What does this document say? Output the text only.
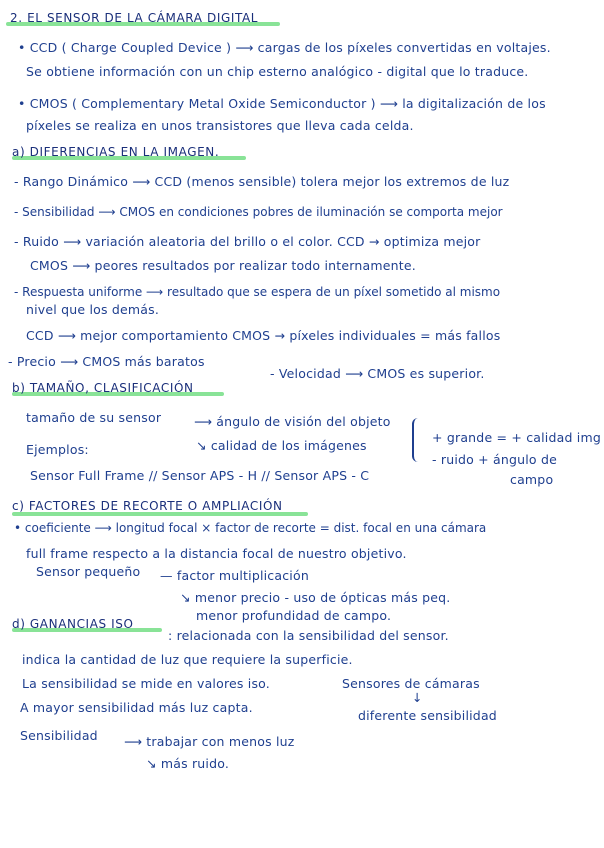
2. EL SENSOR DE LA CÁMARA DIGITAL
• CCD ( Charge Coupled Device ) ⟶ cargas de los píxeles convertidas en voltajes.
Se obtiene información con un chip esterno analógico - digital que lo traduce.
• CMOS ( Complementary Metal Oxide Semiconductor ) ⟶ la digitalización de los
píxeles se realiza en unos transistores que lleva cada celda.
a) DIFERENCIAS EN LA IMAGEN.
- Rango Dinámico ⟶ CCD (menos sensible) tolera mejor los extremos de luz
- Sensibilidad ⟶ CMOS en condiciones pobres de iluminación se comporta mejor
- Ruido ⟶ variación aleatoria del brillo o el color. CCD → optimiza mejor
CMOS ⟶ peores resultados por realizar todo internamente.
- Respuesta uniforme ⟶ resultado que se espera de un píxel sometido al mismo
nivel que los demás.
CCD ⟶ mejor comportamiento CMOS → píxeles individuales = más fallos
- Precio ⟶ CMOS más baratos
- Velocidad ⟶ CMOS es superior.
b) TAMAÑO, CLASIFICACIÓN
tamaño de su sensor	⟶ ángulo de visión del objeto
↘ calidad de los imágenes
+ grande = + calidad img
- ruido + ángulo de
campo
Ejemplos:
Sensor Full Frame // Sensor APS - H // Sensor APS - C
c) FACTORES DE RECORTE O AMPLIACIÓN
• coeficiente ⟶ longitud focal × factor de recorte = dist. focal en una cámara
full frame respecto a la distancia focal de nuestro objetivo.
Sensor pequeño — factor multiplicación
↘ menor precio - uso de ópticas más peq.
menor profundidad de campo.
d) GANANCIAS ISO
: relacionada con la sensibilidad del sensor.
indica la cantidad de luz que requiere la superficie.
La sensibilidad se mide en valores iso.	Sensores de cámaras
↓
A mayor sensibilidad más luz capta.
diferente sensibilidad
Sensibilidad ⟶ trabajar con menos luz
↘ más ruido.
